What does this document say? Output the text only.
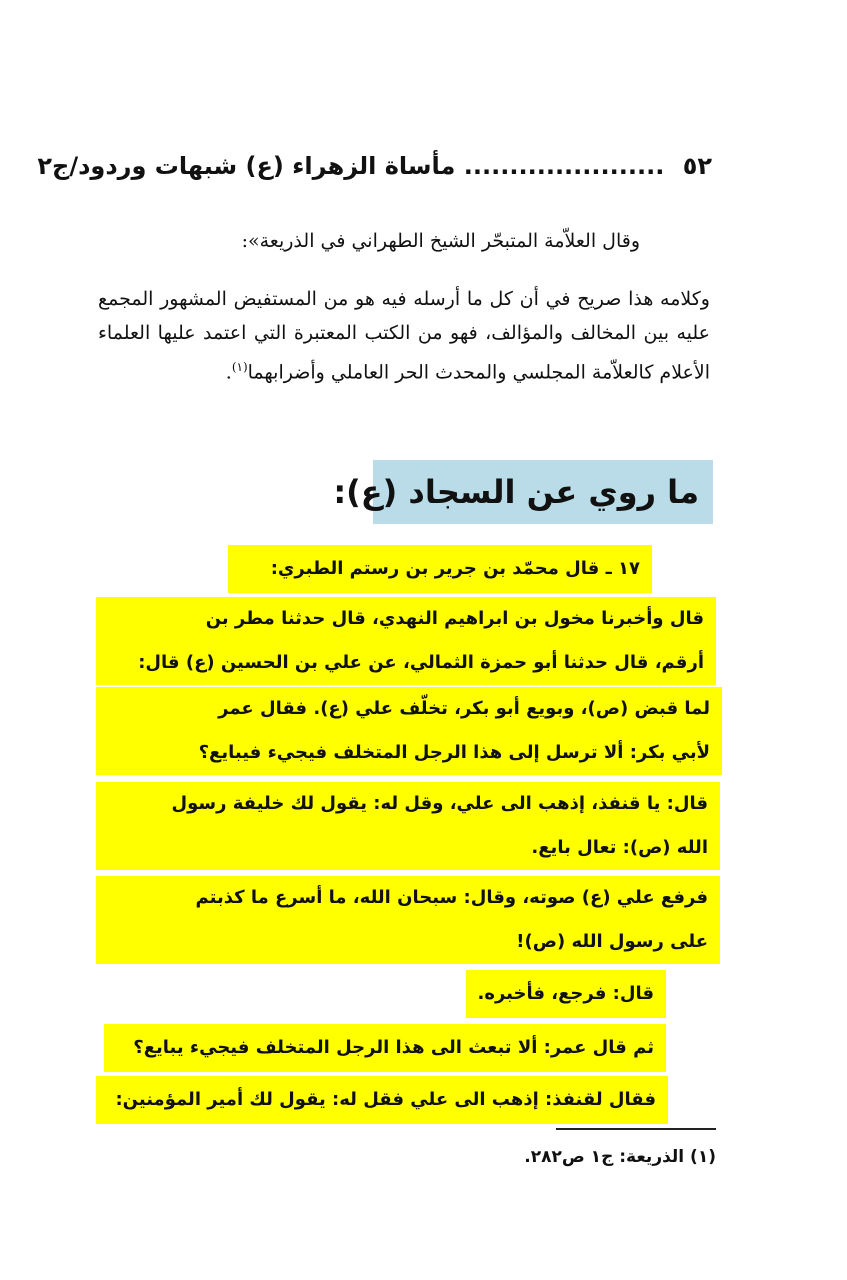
٥٢ ...................... مأساة الزهراء (ع) شبهات وردود/ج٢
وقال العلاّمة المتبحّر الشيخ الطهراني في الذريعة»:
وكلامه هذا صريح في أن كل ما أرسله فيه هو من المستفيض المشهور المجمع عليه بين المخالف والمؤالف، فهو من الكتب المعتبرة التي اعتمد عليها العلماء الأعلام كالعلاّمة المجلسي والمحدث الحر العاملي وأضرابهما$^{(١)}$.
ما روي عن السجاد (ع):
١٧ ـ قال محمّد بن جرير بن رستم الطبري:
قال وأخبرنا مخول بن ابراهيم النهدي، قال حدثنا مطر بن
أرقم، قال حدثنا أبو حمزة الثمالي، عن علي بن الحسين (ع) قال:
لما قبض (ص)، وبويع أبو بكر، تخلّف علي (ع). فقال عمر
لأبي بكر: ألا ترسل إلى هذا الرجل المتخلف فيجيء فيبايع؟
قال: يا قنفذ، إذهب الى علي، وقل له: يقول لك خليفة رسول
الله (ص): تعال بايع.
فرفع علي (ع) صوته، وقال: سبحان الله، ما أسرع ما كذبتم
على رسول الله (ص)!
قال: فرجع، فأخبره.
ثم قال عمر: ألا تبعث الى هذا الرجل المتخلف فيجيء يبايع؟
فقال لقنفذ: إذهب الى علي فقل له: يقول لك أمير المؤمنين:
(١) الذريعة: ج١ ص٢٨٢.
